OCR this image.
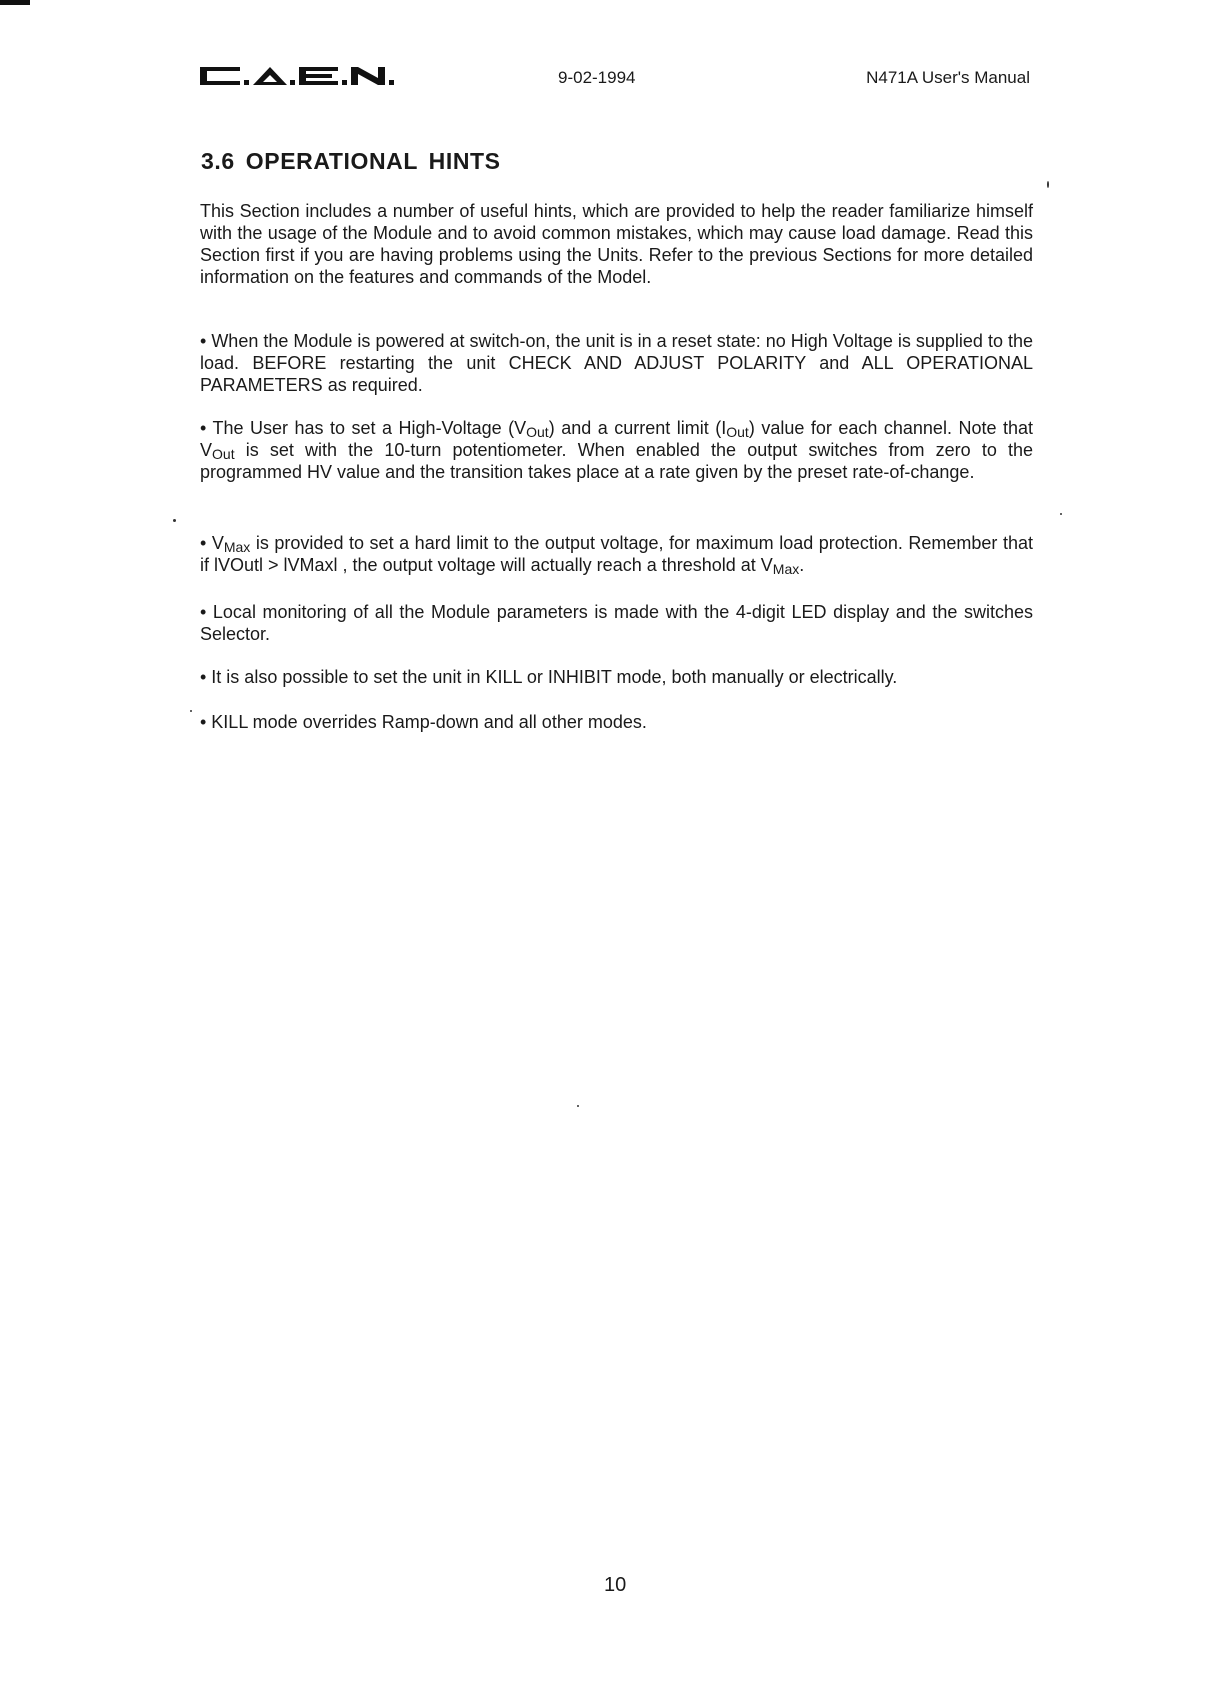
9-02-1994	N471A User's Manual
3.6 OPERATIONAL HINTS

This Section includes a number of useful hints, which are provided to help the reader familiarize himself with the usage of the Module and to avoid common mistakes, which may cause load damage. Read this Section first if you are having problems using the Units. Refer to the previous Sections for more detailed information on the features and commands of the Model.

• When the Module is powered at switch-on, the unit is in a reset state: no High Voltage is supplied to the load. BEFORE restarting the unit CHECK AND ADJUST POLARITY and ALL OPERATIONAL PARAMETERS as required.

• The User has to set a High-Voltage $(V_{Out})$ and a current limit $(I_{Out})$ value for each channel. Note that $V_{Out}$ is set with the 10-turn potentiometer. When enabled the output switches from zero to the programmed HV value and the transition takes place at a rate given by the preset rate-of-change.

• $V_{Max}$ is provided to set a hard limit to the output voltage, for maximum load protection. Remember that if lVOutl > lVMaxl , the output voltage will actually reach a threshold at $V_{Max}$.

• Local monitoring of all the Module parameters is made with the 4-digit LED display and the switches Selector.

• It is also possible to set the unit in KILL or INHIBIT mode, both manually or electrically.

• KILL mode overrides Ramp-down and all other modes.

10
